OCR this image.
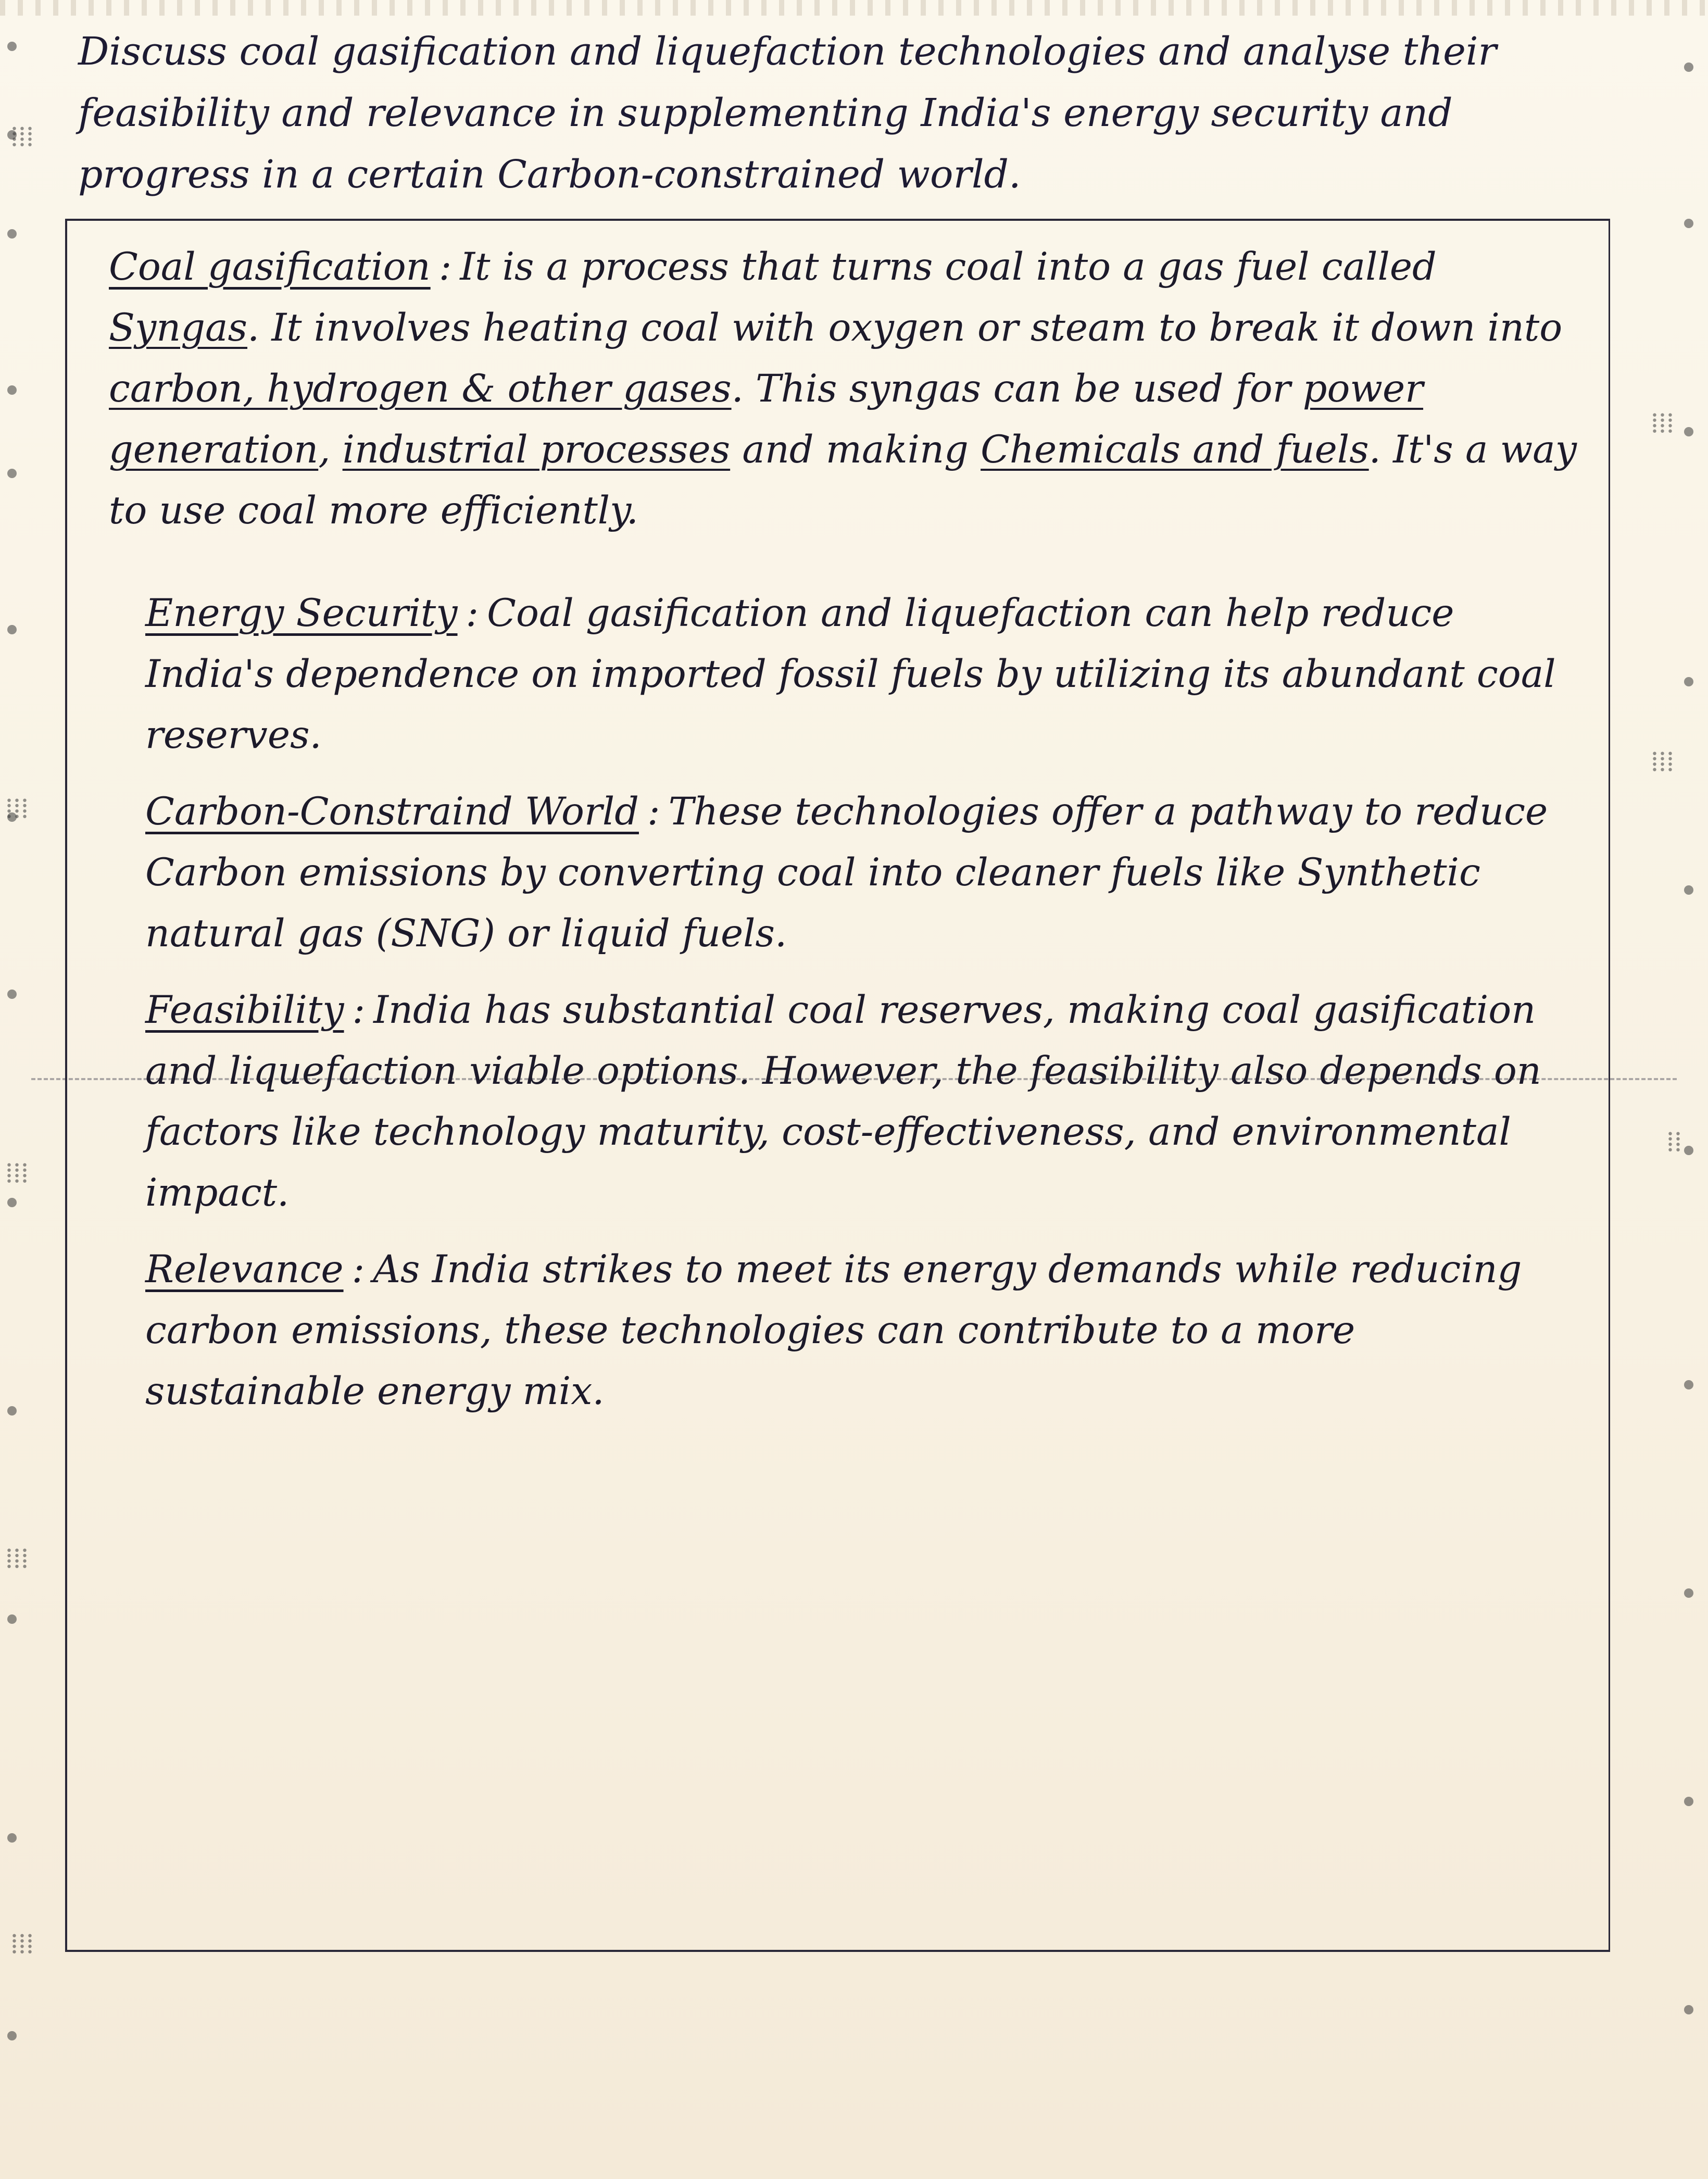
⁞⁞⁞
⁞⁞⁞
⁞⁞⁞
⁞⁞⁞
⁞⁞⁞
⁞⁞⁞
⁞⁞⁞
⁞⁞
Discuss coal gasification and liquefaction technologies and analyse their feasibility and relevance in supplementing India's energy security and progress in a certain Carbon-constrained world.

Coal gasification : It is a process that turns coal into a gas fuel called Syngas. It involves heating coal with oxygen or steam to break it down into carbon, hydrogen & other gases. This syngas can be used for power generation, industrial processes and making Chemicals and fuels. It's a way to use coal more efficiently.

Energy Security : Coal gasification and liquefaction can help reduce India's dependence on imported fossil fuels by utilizing its abundant coal reserves.

Carbon-Constraind World : These technologies offer a pathway to reduce Carbon emissions by converting coal into cleaner fuels like Synthetic natural gas (SNG) or liquid fuels.

Feasibility : India has substantial coal reserves, making coal gasification and liquefaction viable options. However, the feasibility also depends on factors like technology maturity, cost-effectiveness, and environmental impact.

Relevance : As India strikes to meet its energy demands while reducing carbon emissions, these technologies can contribute to a more sustainable energy mix.
